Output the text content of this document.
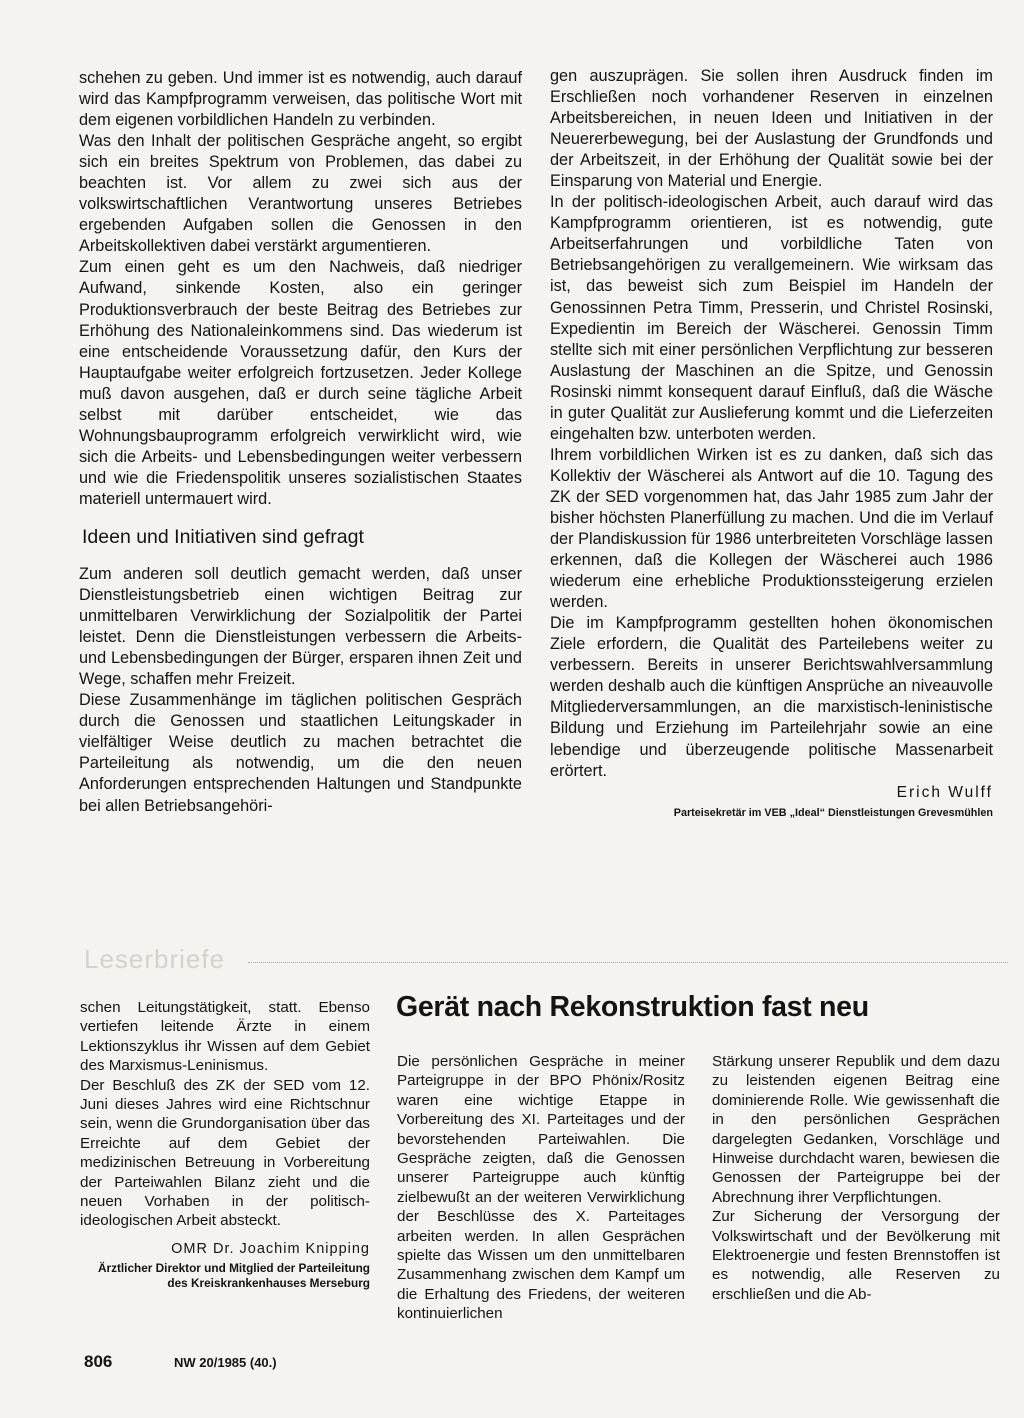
schehen zu geben. Und immer ist es notwendig, auch darauf wird das Kampfprogramm verweisen, das politische Wort mit dem eigenen vorbildlichen Handeln zu verbinden.

Was den Inhalt der politischen Gespräche angeht, so ergibt sich ein breites Spektrum von Problemen, das dabei zu beachten ist. Vor allem zu zwei sich aus der volkswirtschaftlichen Verantwortung unseres Betriebes ergebenden Aufgaben sollen die Genossen in den Arbeitskollektiven dabei verstärkt argumentieren.

Zum einen geht es um den Nachweis, daß niedriger Aufwand, sinkende Kosten, also ein geringer Produktionsverbrauch der beste Beitrag des Betriebes zur Erhöhung des Nationaleinkommens sind. Das wiederum ist eine entscheidende Voraussetzung dafür, den Kurs der Hauptaufgabe weiter erfolgreich fortzusetzen. Jeder Kollege muß davon ausgehen, daß er durch seine tägliche Arbeit selbst mit darüber entscheidet, wie das Wohnungsbauprogramm erfolgreich verwirklicht wird, wie sich die Arbeits- und Lebensbedingungen weiter verbessern und wie die Friedenspolitik unseres sozialistischen Staates materiell untermauert wird.

Ideen und Initiativen sind gefragt

Zum anderen soll deutlich gemacht werden, daß unser Dienstleistungsbetrieb einen wichtigen Beitrag zur unmittelbaren Verwirklichung der Sozialpolitik der Partei leistet. Denn die Dienstleistungen verbessern die Arbeits- und Lebensbedingungen der Bürger, ersparen ihnen Zeit und Wege, schaffen mehr Freizeit.

Diese Zusammenhänge im täglichen politischen Gespräch durch die Genossen und staatlichen Leitungskader in vielfältiger Weise deutlich zu machen betrachtet die Parteileitung als notwendig, um die den neuen Anforderungen entsprechenden Haltungen und Standpunkte bei allen Betriebsangehöri-

gen auszuprägen. Sie sollen ihren Ausdruck finden im Erschließen noch vorhandener Reserven in einzelnen Arbeitsbereichen, in neuen Ideen und Initiativen in der Neuererbewegung, bei der Auslastung der Grundfonds und der Arbeitszeit, in der Erhöhung der Qualität sowie bei der Einsparung von Material und Energie.

In der politisch-ideologischen Arbeit, auch darauf wird das Kampfprogramm orientieren, ist es notwendig, gute Arbeitserfahrungen und vorbildliche Taten von Betriebsangehörigen zu verallgemeinern. Wie wirksam das ist, das beweist sich zum Beispiel im Handeln der Genossinnen Petra Timm, Presserin, und Christel Rosinski, Expedientin im Bereich der Wäscherei. Genossin Timm stellte sich mit einer persönlichen Verpflichtung zur besseren Auslastung der Maschinen an die Spitze, und Genossin Rosinski nimmt konsequent darauf Einfluß, daß die Wäsche in guter Qualität zur Auslieferung kommt und die Lieferzeiten eingehalten bzw. unterboten werden.

Ihrem vorbildlichen Wirken ist es zu danken, daß sich das Kollektiv der Wäscherei als Antwort auf die 10. Tagung des ZK der SED vorgenommen hat, das Jahr 1985 zum Jahr der bisher höchsten Planerfüllung zu machen. Und die im Verlauf der Plandiskussion für 1986 unterbreiteten Vorschläge lassen erkennen, daß die Kollegen der Wäscherei auch 1986 wiederum eine erhebliche Produktionssteigerung erzielen werden.

Die im Kampfprogramm gestellten hohen ökonomischen Ziele erfordern, die Qualität des Parteilebens weiter zu verbessern. Bereits in unserer Berichtswahlversammlung werden deshalb auch die künftigen Ansprüche an niveauvolle Mitgliederversammlungen, an die marxistisch-leninistische Bildung und Erziehung im Parteilehrjahr sowie an eine lebendige und überzeugende politische Massenarbeit erörtert.

Erich Wulff
Parteisekretär im VEB „Ideal“ Dienstleistungen Grevesmühlen
Leserbriefe

schen Leitungstätigkeit, statt. Ebenso vertiefen leitende Ärzte in einem Lektionszyklus ihr Wissen auf dem Gebiet des Marxismus-Leninismus.

Der Beschluß des ZK der SED vom 12. Juni dieses Jahres wird eine Richtschnur sein, wenn die Grundorganisation über das Erreichte auf dem Gebiet der medizinischen Betreuung in Vorbereitung der Parteiwahlen Bilanz zieht und die neuen Vorhaben in der politisch-ideologischen Arbeit absteckt.

OMR Dr. Joachim Knipping
Ärztlicher Direktor und Mitglied der Parteileitung des Kreiskrankenhauses Merseburg
Gerät nach Rekonstruktion fast neu

Die persönlichen Gespräche in meiner Parteigruppe in der BPO Phönix/Rositz waren eine wichtige Etappe in Vorbereitung des XI. Parteitages und der bevorstehenden Parteiwahlen. Die Gespräche zeigten, daß die Genossen unserer Parteigruppe auch künftig zielbewußt an der weiteren Verwirklichung der Beschlüsse des X. Parteitages arbeiten werden. In allen Gesprächen spielte das Wissen um den unmittelbaren Zusammenhang zwischen dem Kampf um die Erhaltung des Friedens, der weiteren kontinuierlichen

Stärkung unserer Republik und dem dazu zu leistenden eigenen Beitrag eine dominierende Rolle. Wie gewissenhaft die in den persönlichen Gesprächen dargelegten Gedanken, Vorschläge und Hinweise durchdacht waren, bewiesen die Genossen der Parteigruppe bei der Abrechnung ihrer Verpflichtungen.

Zur Sicherung der Versorgung der Volkswirtschaft und der Bevölkerung mit Elektroenergie und festen Brennstoffen ist es notwendig, alle Reserven zu erschließen und die Ab-

806	NW 20/1985 (40.)
